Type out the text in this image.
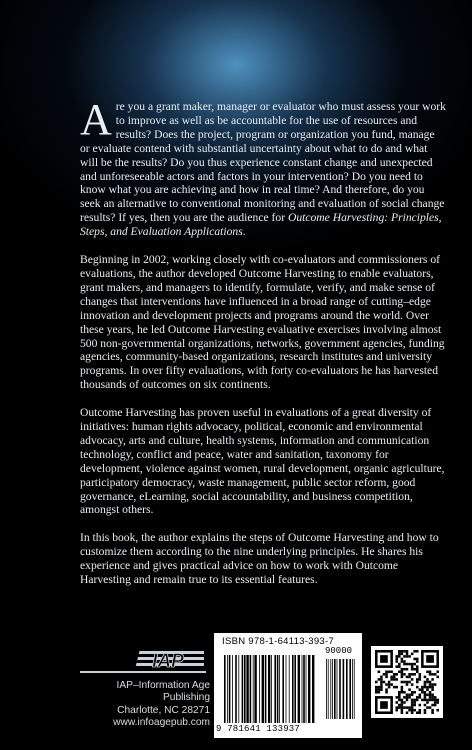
Are you a grant maker, manager or evaluator who must assess your work to improve as well as be accountable for the use of resources and results? Does the project, program or organization you fund, manage or evaluate contend with substantial uncertainty about what to do and what will be the results? Do you thus experience constant change and unexpected and unforeseeable actors and factors in your intervention? Do you need to know what you are achieving and how in real time? And therefore, do you seek an alternative to conventional monitoring and evaluation of social change results? If yes, then you are the audience for Outcome Harvesting: Principles, Steps, and Evaluation Applications.

Beginning in 2002, working closely with co-evaluators and commissioners of evaluations, the author developed Outcome Harvesting to enable evaluators, grant makers, and managers to identify, formulate, verify, and make sense of changes that interventions have influenced in a broad range of cutting–edge innovation and development projects and programs around the world. Over these years, he led Outcome Harvesting evaluative exercises involving almost 500 non-governmental organizations, networks, government agencies, funding agencies, community-based organizations, research institutes and university programs. In over fifty evaluations, with forty co-evaluators he has harvested thousands of outcomes on six continents.

Outcome Harvesting has proven useful in evaluations of a great diversity of initiatives: human rights advocacy, political, economic and environmental advocacy, arts and culture, health systems, information and communication technology, conflict and peace, water and sanitation, taxonomy for development, violence against women, rural development, organic agriculture, participatory democracy, waste management, public sector reform, good governance, eLearning, social accountability, and business competition, amongst others.

In this book, the author explains the steps of Outcome Harvesting and how to customize them according to the nine underlying principles. He shares his experience and gives practical advice on how to work with Outcome Harvesting and remain true to its essential features.

IAP
IAP–Information Age Publishing
Charlotte, NC 28271
www.infoagepub.com
ISBN 978-1-64113-393-7
90000
9 781641 133937
